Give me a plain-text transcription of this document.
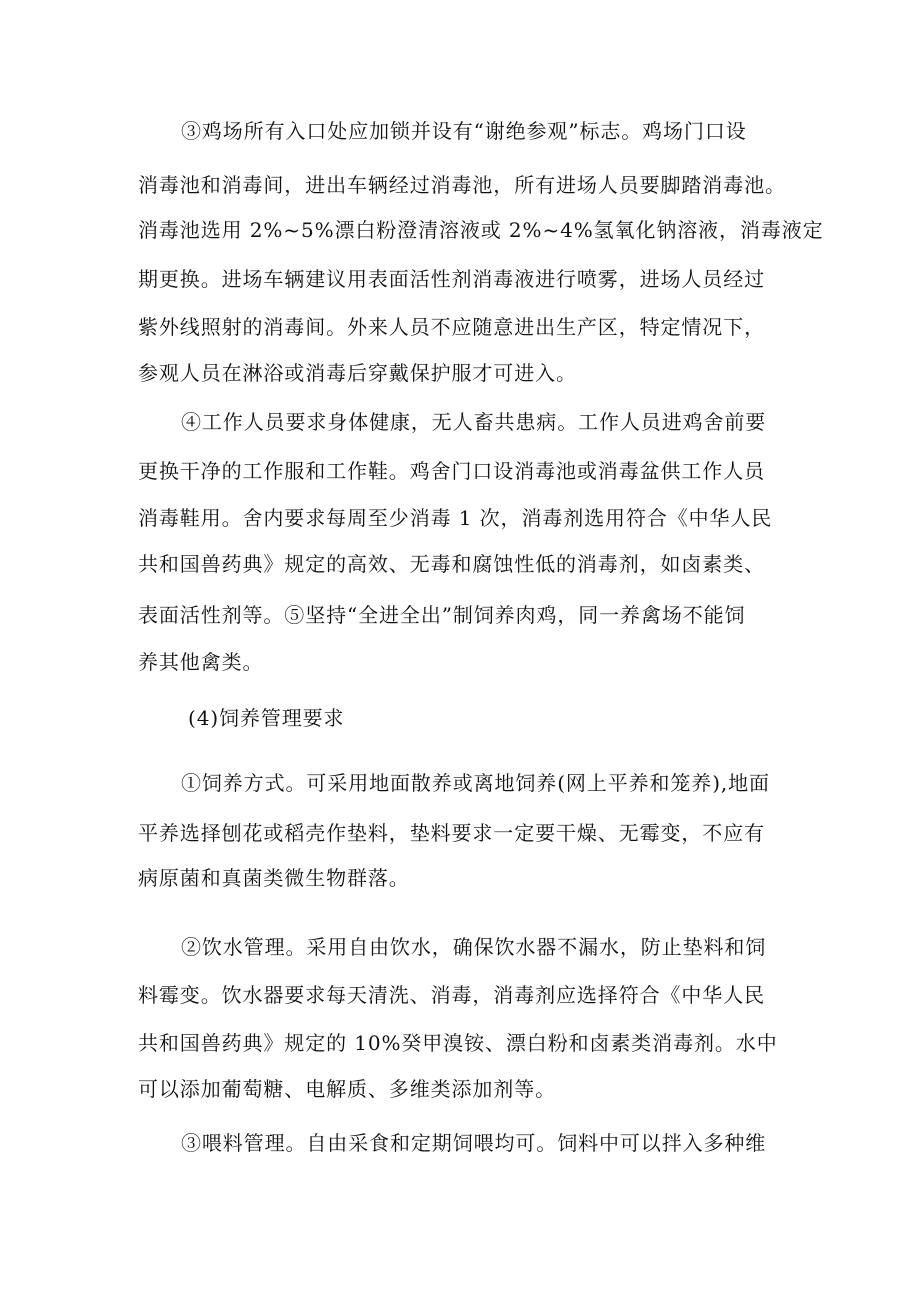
③鸡场所有入口处应加锁并设有“谢绝参观”标志。鸡场门口设
消毒池和消毒间，进出车辆经过消毒池，所有进场人员要脚踏消毒池。
消毒池选用 2%~5%漂白粉澄清溶液或 2%~4%氢氧化钠溶液，消毒液定
期更换。进场车辆建议用表面活性剂消毒液进行喷雾，进场人员经过
紫外线照射的消毒间。外来人员不应随意进出生产区，特定情况下，
参观人员在淋浴或消毒后穿戴保护服才可进入。
④工作人员要求身体健康，无人畜共患病。工作人员进鸡舍前要
更换干净的工作服和工作鞋。鸡舍门口设消毒池或消毒盆供工作人员
消毒鞋用。舍内要求每周至少消毒 1 次，消毒剂选用符合《中华人民
共和国兽药典》规定的高效、无毒和腐蚀性低的消毒剂，如卤素类、
表面活性剂等。⑤坚持“全进全出”制饲养肉鸡，同一养禽场不能饲
养其他禽类。
(4)饲养管理要求
①饲养方式。可采用地面散养或离地饲养(网上平养和笼养),地面
平养选择刨花或稻壳作垫料，垫料要求一定要干燥、无霉变，不应有
病原菌和真菌类微生物群落。
②饮水管理。采用自由饮水，确保饮水器不漏水，防止垫料和饲
料霉变。饮水器要求每天清洗、消毒，消毒剂应选择符合《中华人民
共和国兽药典》规定的 10%癸甲溴铵、漂白粉和卤素类消毒剂。水中
可以添加葡萄糖、电解质、多维类添加剂等。
③喂料管理。自由采食和定期饲喂均可。饲料中可以拌入多种维
